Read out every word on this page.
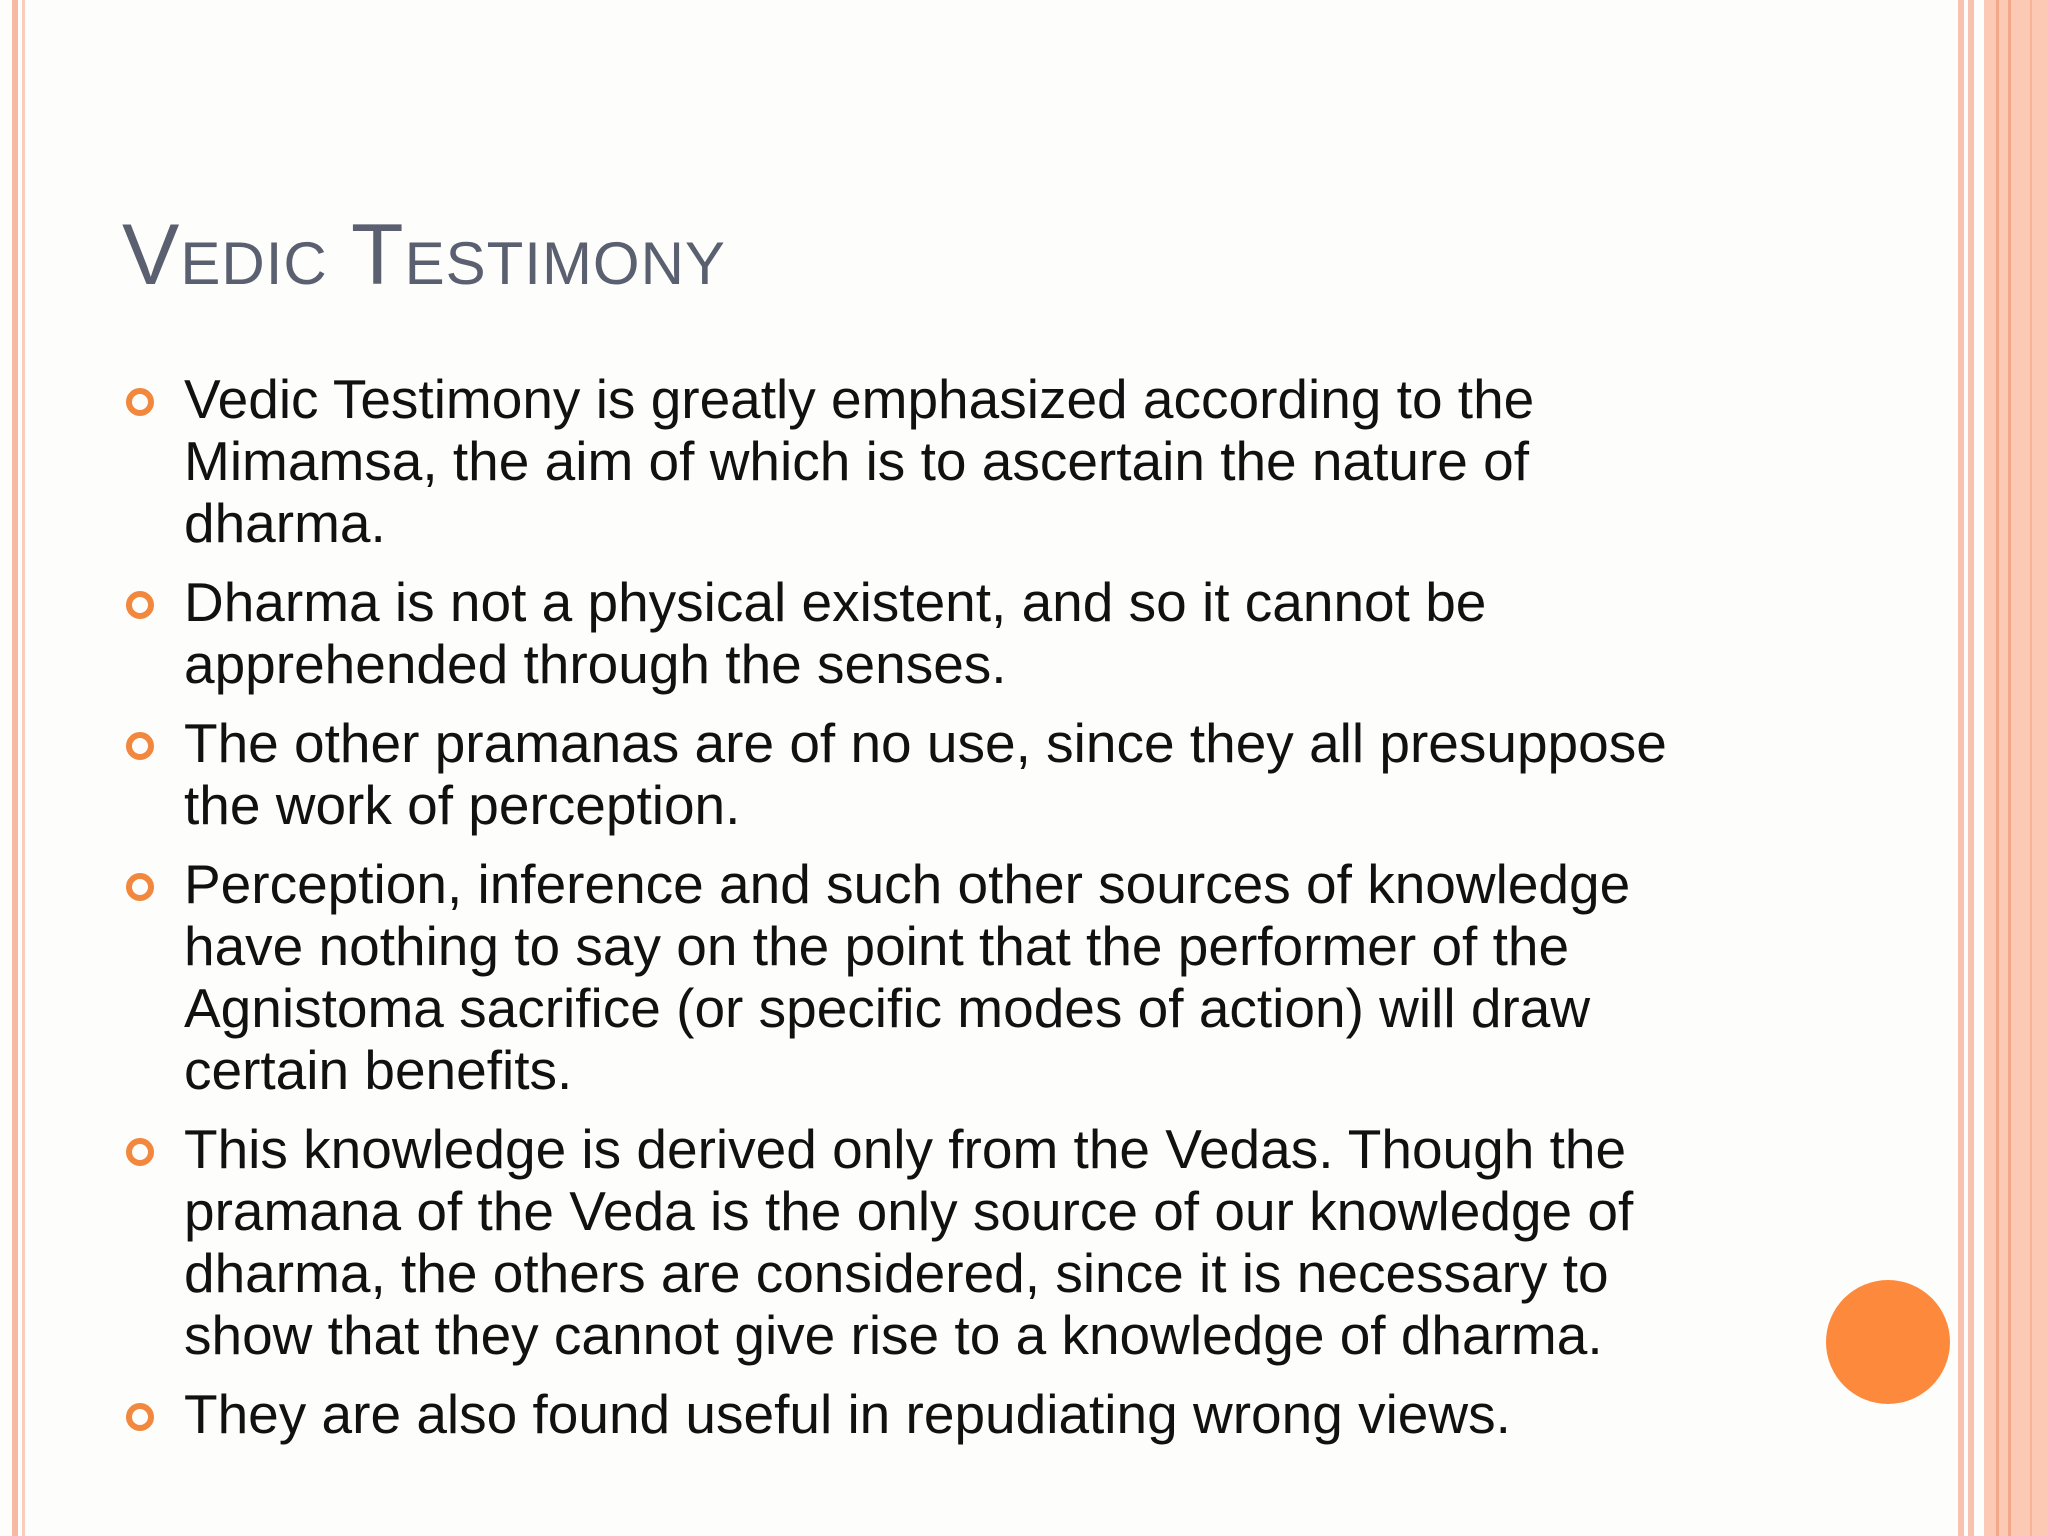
Vedic Testimony
Vedic Testimony is greatly emphasized according to the Mimamsa, the aim of which is to ascertain the nature of dharma.
Dharma is not a physical existent, and so it cannot be apprehended through the senses.
The other pramanas are of no use, since they all presuppose the work of perception.
Perception, inference and such other sources of knowledge have nothing to say on the point that the performer of the Agnistoma sacrifice (or specific modes of action) will draw certain benefits.
This knowledge is derived only from the Vedas. Though the pramana of the Veda is the only source of our knowledge of dharma, the others are considered, since it is necessary to show that they cannot give rise to a knowledge of dharma.
They are also found useful in repudiating wrong views.
